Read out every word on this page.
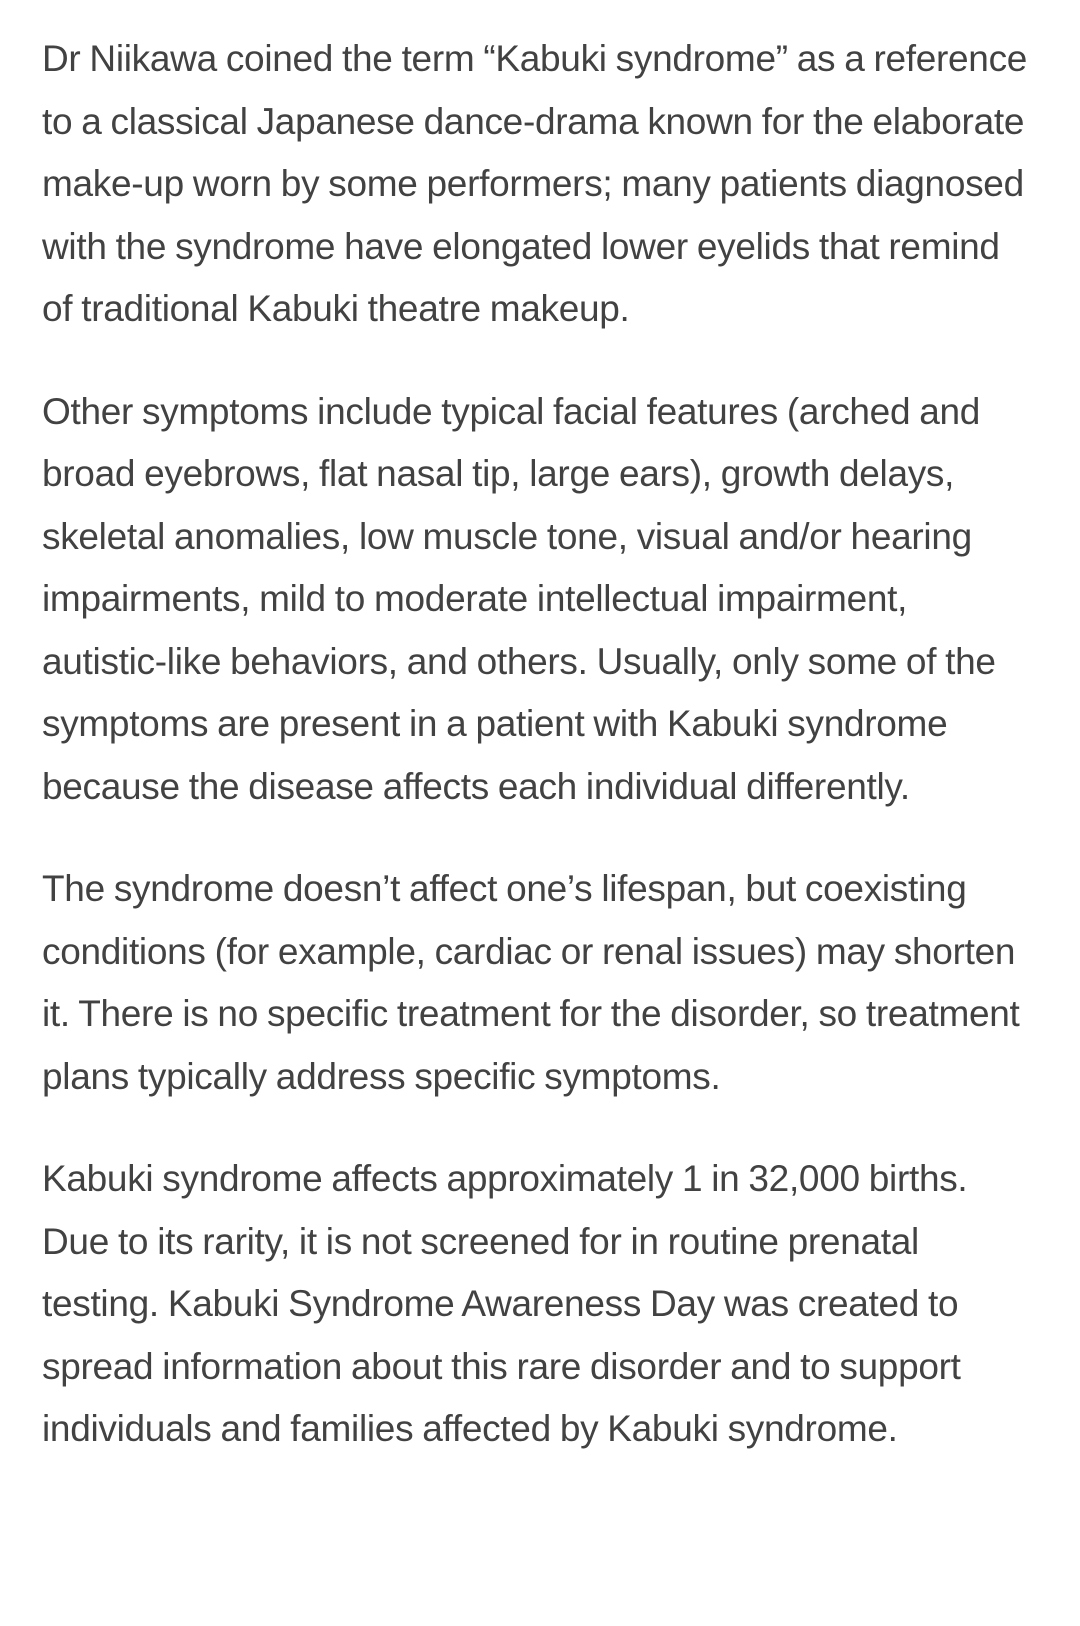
Dr Niikawa coined the term “Kabuki syndrome” as a reference to a classical Japanese dance-drama known for the elaborate make-up worn by some performers; many patients diagnosed with the syndrome have elongated lower eyelids that remind of traditional Kabuki theatre makeup.

Other symptoms include typical facial features (arched and broad eyebrows, flat nasal tip, large ears), growth delays, skeletal anomalies, low muscle tone, visual and/or hearing impairments, mild to moderate intellectual impairment, autistic-like behaviors, and others. Usually, only some of the symptoms are present in a patient with Kabuki syndrome because the disease affects each individual differently.

The syndrome doesn’t affect one’s lifespan, but coexisting conditions (for example, cardiac or renal issues) may shorten it. There is no specific treatment for the disorder, so treatment plans typically address specific symptoms.

Kabuki syndrome affects approximately 1 in 32,000 births. Due to its rarity, it is not screened for in routine prenatal testing. Kabuki Syndrome Awareness Day was created to spread information about this rare disorder and to support individuals and families affected by Kabuki syndrome.
